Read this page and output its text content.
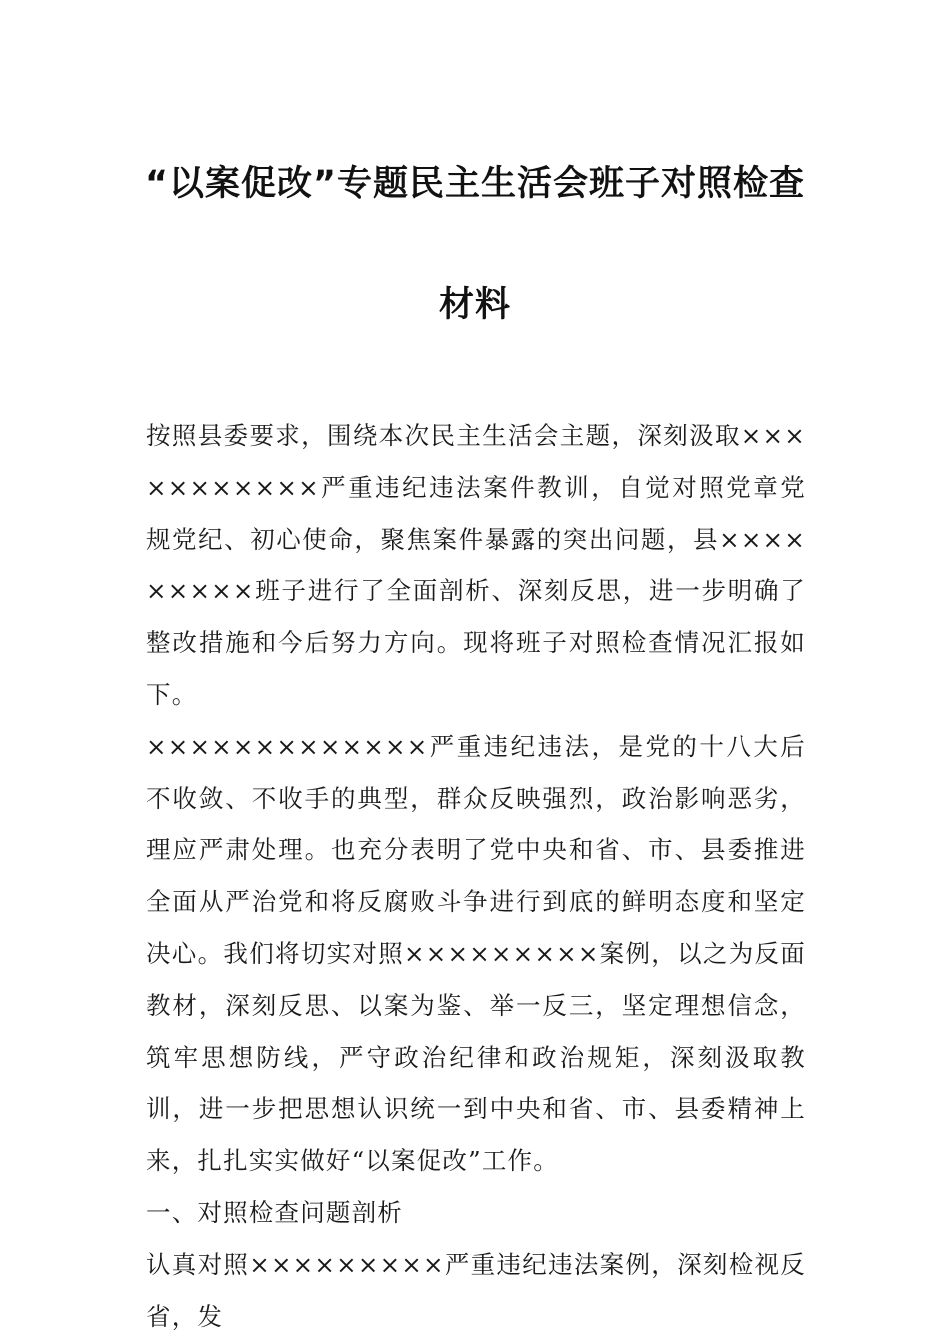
“以案促改”专题民主生活会班子对照检查
材料

按照县委要求，围绕本次民主生活会主题，深刻汲取×××××××××××严重违纪违法案件教训，自觉对照党章党规党纪、初心使命，聚焦案件暴露的突出问题，县×××××××××班子进行了全面剖析、深刻反思，进一步明确了整改措施和今后努力方向。现将班子对照检查情况汇报如下。

×××××××××××××严重违纪违法，是党的十八大后不收敛、不收手的典型，群众反映强烈，政治影响恶劣，理应严肃处理。也充分表明了党中央和省、市、县委推进全面从严治党和将反腐败斗争进行到底的鲜明态度和坚定决心。我们将切实对照×××××××××案例，以之为反面教材，深刻反思、以案为鉴、举一反三，坚定理想信念，筑牢思想防线，严守政治纪律和政治规矩，深刻汲取教训，进一步把思想认识统一到中央和省、市、县委精神上来，扎扎实实做好“以案促改”工作。

一、对照检查问题剖析

认真对照×××××××××严重违纪违法案例，深刻检视反省，发
